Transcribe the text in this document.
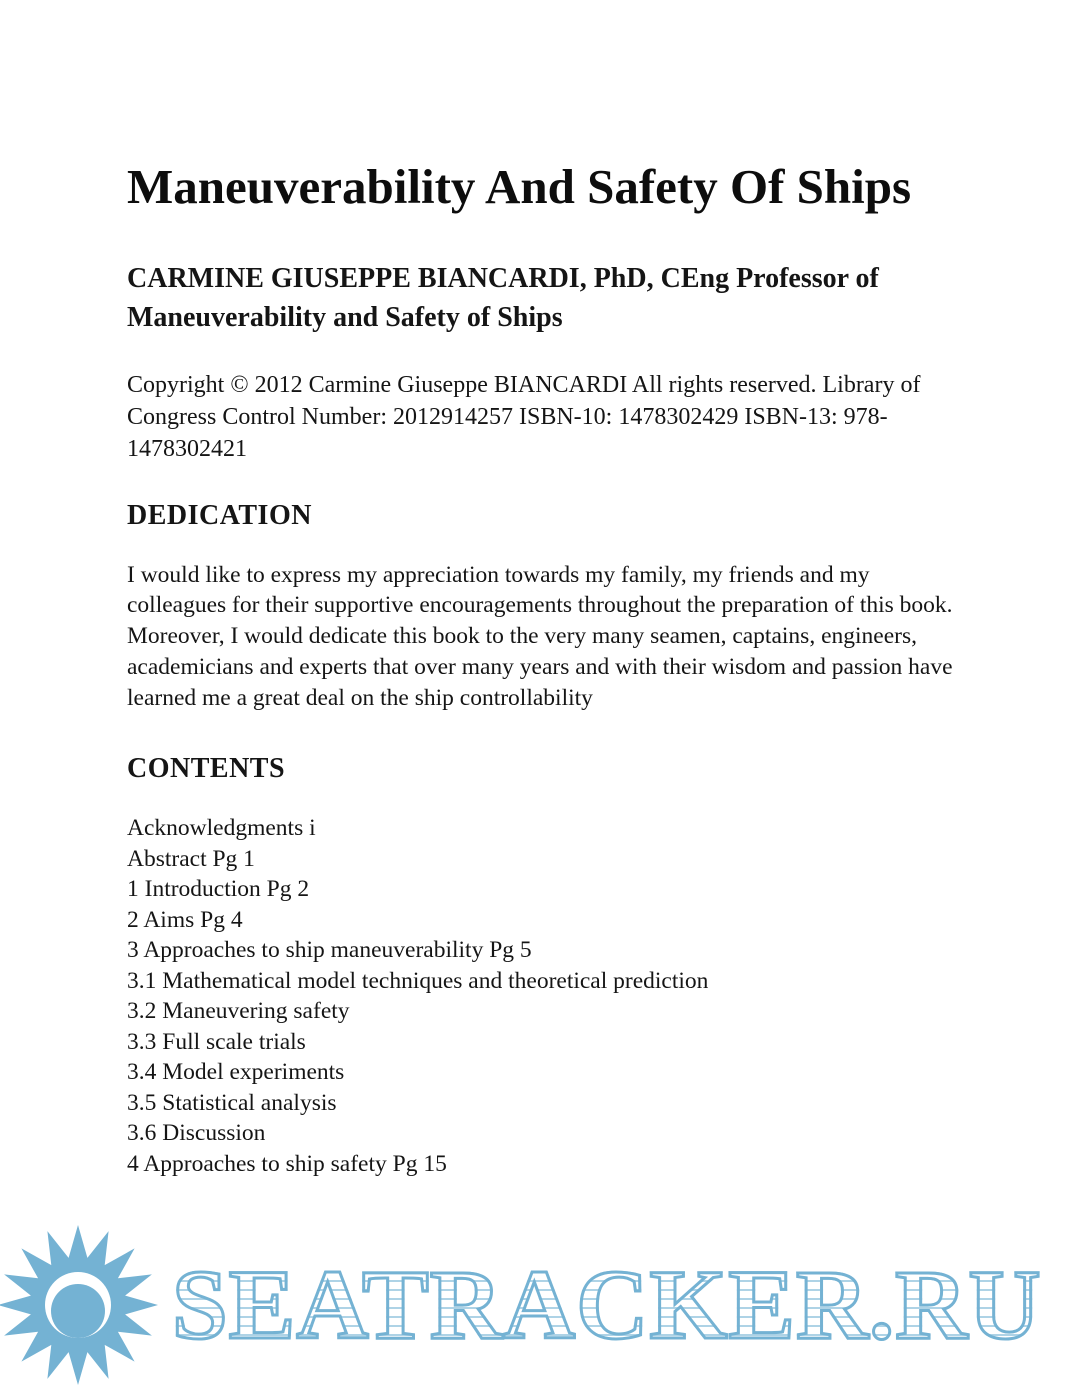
Maneuverability And Safety Of Ships

CARMINE GIUSEPPE BIANCARDI, PhD, CEng Professor of Maneuverability and Safety of Ships

Copyright © 2012 Carmine Giuseppe BIANCARDI All rights reserved. Library of Congress Control Number: 2012914257 ISBN-10: 1478302429 ISBN-13: 978-1478302421

DEDICATION

I would like to express my appreciation towards my family, my friends and my colleagues for their supportive encouragements throughout the preparation of this book. Moreover, I would dedicate this book to the very many seamen, captains, engineers, academicians and experts that over many years and with their wisdom and passion have learned me a great deal on the ship controllability

CONTENTS
Acknowledgments i
Abstract Pg 1
1 Introduction Pg 2
2 Aims Pg 4
3 Approaches to ship maneuverability Pg 5
3.1 Mathematical model techniques and theoretical prediction
3.2 Maneuvering safety
3.3 Full scale trials
3.4 Model experiments
3.5 Statistical analysis
3.6 Discussion
4 Approaches to ship safety Pg 15
SEATRACKER.RU
